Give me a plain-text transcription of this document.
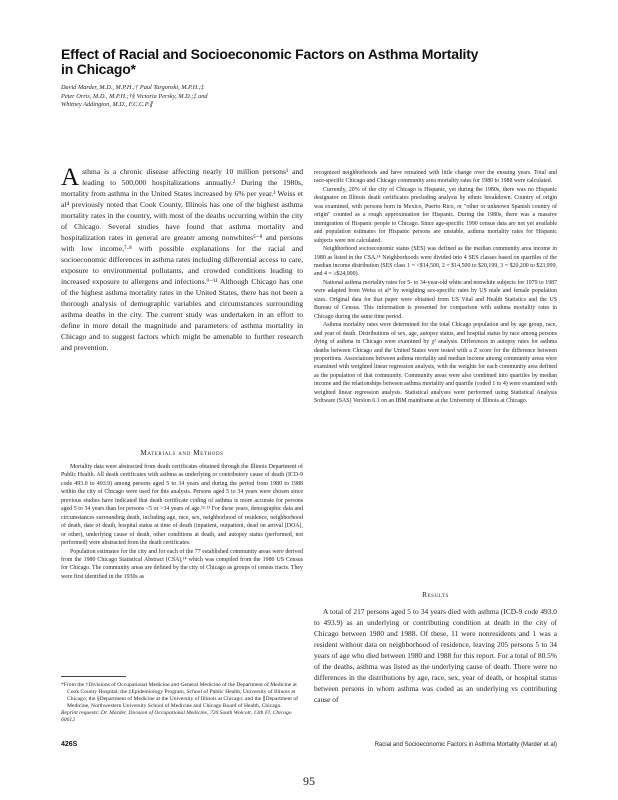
Effect of Racial and Socioeconomic Factors on Asthma Mortality in Chicago*
David Marder, M.D., M.P.H.;† Paul Targonski, M.P.H.;‡
Peter Orris, M.D., M.P.H.;†§ Victoria Persky, M.D.;‡ and
Whitney Addington, M.D., F.C.C.P.∥

Asthma is a chronic disease affecting nearly 10 million persons¹ and leading to 500,000 hospitalizations annually.² During the 1980s, mortality from asthma in the United States increased by 6% per year.³ Weiss et al⁴ previously noted that Cook County, Illinois has one of the highest asthma mortality rates in the country, with most of the deaths occurring within the city of Chicago. Several studies have found that asthma mortality and hospitalization rates in general are greater among nonwhites⁵⁻⁸ and persons with low income,⁷·⁸ with possible explanations for the racial and socioeconomic differences in asthma rates including differential access to care, exposure to environmental pollutants, and crowded conditions leading to increased exposure to allergens and infections.⁹⁻¹¹ Although Chicago has one of the highest asthma mortality rates in the United States, there has not been a thorough analysis of demographic variables and circumstances surrounding asthma deaths in the city. The current study was undertaken in an effort to define in more detail the magnitude and parameters of asthma mortality in Chicago and to suggest factors which might be amenable to further research and prevention.

Materials and Methods

Mortality data were abstracted from death certificates obtained through the Illinois Department of Public Health. All death certificates with asthma as underlying or contributory cause of death (ICD-9 code 493.0 to 493.9) among persons aged 5 to 34 years and during the period from 1980 to 1988 within the city of Chicago were used for this analysis. Persons aged 5 to 34 years were chosen since previous studies have indicated that death certificate coding of asthma is more accurate for persons aged 5 to 34 years than for persons <5 or >34 years of age.¹²·¹³ For these years, demographic data and circumstances surrounding death, including age, race, sex, neighborhood of residence, neighborhood of death, date of death, hospital status at time of death (inpatient, outpatient, dead on arrival [DOA], or other), underlying cause of death, other conditions at death, and autopsy status (performed, not performed) were abstracted from the death certificates.

Population estimates for the city and for each of the 77 established community areas were derived from the 1980 Chicago Statistical Abstract (CSA),¹⁴ which was compiled from the 1980 US Census for Chicago. The community areas are defined by the city of Chicago as groups of census tracts. They were first identified in the 1930s as

*From the †Divisions of Occupational Medicine and General Medicine of the Department of Medicine at Cook County Hospital; the ‡Epidemiology Program, School of Public Health, University of Illinois at Chicago; the §Department of Medicine at the University of Illinois at Chicago; and the ∥Department of Medicine, Northwestern University School of Medicine and Chicago Board of Health, Chicago.

Reprint requests: Dr. Marder, Division of Occupational Medicine, 720 South Wolcott, 13th Fl, Chicago 60612

recognized neighborhoods and have remained with little change over the ensuing years. Total and race-specific Chicago and Chicago community area mortality rates for 1980 to 1988 were calculated.

Currently, 20% of the city of Chicago is Hispanic, yet during the 1980s, there was no Hispanic designator on Illinois death certificates precluding analysis by ethnic breakdown. Country of origin was examined, with persons born in Mexico, Puerto Rico, or "other or unknown Spanish country of origin" counted as a rough approximation for Hispanic. During the 1980s, there was a massive immigration of Hispanic people to Chicago. Since age-specific 1990 census data are not yet available and population estimates for Hispanic persons are unstable, asthma mortality rates for Hispanic subjects were not calculated.

Neighborhood socioeconomic status (SES) was defined as the median community area income in 1980 as listed in the CSA.¹⁴ Neighborhoods were divided into 4 SES classes based on quartiles of the median income distribution (SES class 1 = <$14,500, 2 = $14,500 to $20,199, 3 = $20,200 to $23,999, and 4 = ≥$24,000).

National asthma mortality rates for 5- to 34-year-old white and nonwhite subjects for 1979 to 1987 were adapted from Weiss et al⁴ by weighting sex-specific rates by US male and female population sizes. Original data for that paper were obtained from US Vital and Health Statistics and the US Bureau of Census. This information is presented for comparison with asthma mortality rates in Chicago during the same time period.

Asthma mortality rates were determined for the total Chicago population and by age group, race, and year of death. Distributions of sex, age, autopsy status, and hospital status by race among persons dying of asthma in Chicago were examined by χ² analysis. Differences in autopsy rates for asthma deaths between Chicago and the United States were tested with a Z score for the difference between proportions. Associations between asthma mortality and median income among community areas were examined with weighted linear regression analysis, with the weights for each community area defined as the population of that community. Community areas were also combined into quartiles by median income and the relationships between asthma mortality and quartile (coded 1 to 4) were examined with weighted linear regression analysis. Statistical analyses were performed using Statistical Analysis Software (SAS) Version 6.1 on an IBM mainframe at the University of Illinois at Chicago.

Results

A total of 217 persons aged 5 to 34 years died with asthma (ICD-9 code 493.0 to 493.9) as an underlying or contributing condition at death in the city of Chicago between 1980 and 1988. Of these, 11 were nonresidents and 1 was a resident without data on neighborhood of residence, leaving 205 persons 5 to 34 years of age who died between 1980 and 1988 for this report. For a total of 80.5% of the deaths, asthma was listed as the underlying cause of death. There were no differences in the distributions by age, race, sex, year of death, or hospital status between persons in whom asthma was coded as an underlying vs contributing cause of

426S	Racial and Socioeconomic Factors in Asthma Mortality (Marder et al)
95
